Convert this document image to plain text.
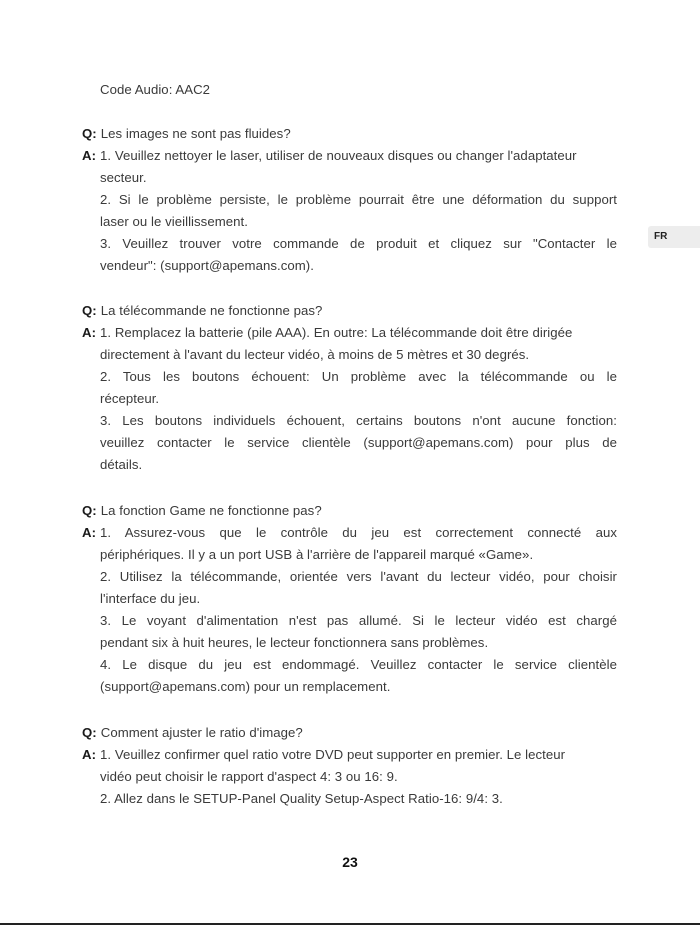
Code Audio: AAC2
Q: Les images ne sont pas fluides?
A: 1. Veuillez nettoyer le laser, utiliser de nouveaux disques ou changer l'adaptateur
secteur.
2. Si le problème persiste, le problème pourrait être une déformation du support
laser ou le vieillissement.
3. Veuillez trouver votre commande de produit et cliquez sur "Contacter le
vendeur": (support@apemans.com).
Q: La télécommande ne fonctionne pas?
A: 1. Remplacez la batterie (pile AAA). En outre: La télécommande doit être dirigée
directement à l'avant du lecteur vidéo, à moins de 5 mètres et 30 degrés.
2. Tous les boutons échouent: Un problème avec la télécommande ou le
récepteur.
3. Les boutons individuels échouent, certains boutons n'ont aucune fonction:
veuillez contacter le service clientèle (support@apemans.com) pour plus de
détails.
Q: La fonction Game ne fonctionne pas?
A: 1. Assurez-vous que le contrôle du jeu est correctement connecté aux
périphériques. Il y a un port USB à l'arrière de l'appareil marqué «Game».
2. Utilisez la télécommande, orientée vers l'avant du lecteur vidéo, pour choisir
l'interface du jeu.
3. Le voyant d'alimentation n'est pas allumé. Si le lecteur vidéo est chargé
pendant six à huit heures, le lecteur fonctionnera sans problèmes.
4. Le disque du jeu est endommagé. Veuillez contacter le service clientèle
(support@apemans.com) pour un remplacement.
Q: Comment ajuster le ratio d'image?
A: 1. Veuillez confirmer quel ratio votre DVD peut supporter en premier. Le lecteur
vidéo peut choisir le rapport d'aspect 4: 3 ou 16: 9.
2. Allez dans le SETUP-Panel Quality Setup-Aspect Ratio-16: 9/4: 3.
FR
23
